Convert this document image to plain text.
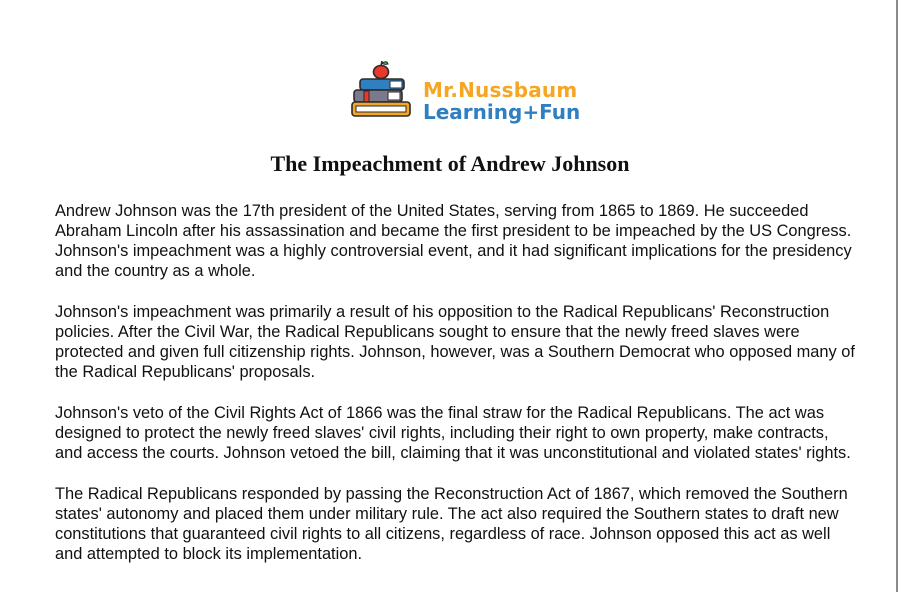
Mr.Nussbaum
Learning+Fun
The Impeachment of Andrew Johnson

Andrew Johnson was the 17th president of the United States, serving from 1865 to 1869. He succeeded Abraham Lincoln after his assassination and became the first president to be impeached by the US Congress. Johnson's impeachment was a highly controversial event, and it had significant implications for the presidency and the country as a whole.

Johnson's impeachment was primarily a result of his opposition to the Radical Republicans' Reconstruction policies. After the Civil War, the Radical Republicans sought to ensure that the newly freed slaves were protected and given full citizenship rights. Johnson, however, was a Southern Democrat who opposed many of the Radical Republicans' proposals.

Johnson's veto of the Civil Rights Act of 1866 was the final straw for the Radical Republicans. The act was designed to protect the newly freed slaves' civil rights, including their right to own property, make contracts, and access the courts. Johnson vetoed the bill, claiming that it was unconstitutional and violated states' rights.

The Radical Republicans responded by passing the Reconstruction Act of 1867, which removed the Southern states' autonomy and placed them under military rule. The act also required the Southern states to draft new constitutions that guaranteed civil rights to all citizens, regardless of race. Johnson opposed this act as well and attempted to block its implementation.
